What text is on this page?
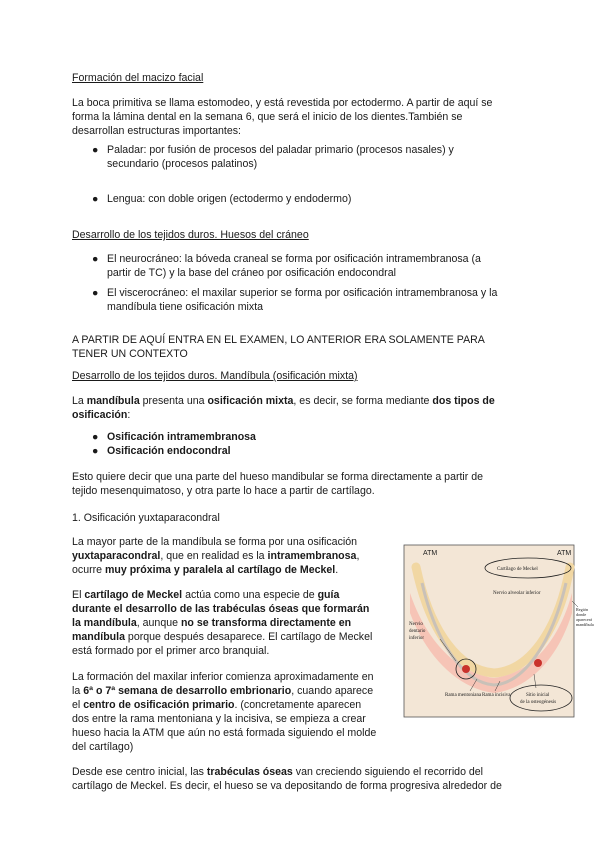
Formación del macizo facial

La boca primitiva se llama estomodeo, y está revestida por ectodermo. A partir de aquí se

forma la lámina dental en la semana 6, que será el inicio de los dientes.También se

desarrollan estructuras importantes:

● Paladar: por fusión de procesos del paladar primario (procesos nasales) y

secundario (procesos palatinos)

● Lengua: con doble origen (ectodermo y endodermo)

Desarrollo de los tejidos duros. Huesos del cráneo

● El neurocráneo: la bóveda craneal se forma por osificación intramembranosa (a

partir de TC) y la base del cráneo por osificación endocondral

● El viscerocráneo: el maxilar superior se forma por osificación intramembranosa y la

mandíbula tiene osificación mixta

A PARTIR DE AQUÍ ENTRA EN EL EXAMEN, LO ANTERIOR ERA SOLAMENTE PARA

TENER UN CONTEXTO

Desarrollo de los tejidos duros. Mandíbula (osificación mixta)

La mandíbula presenta una osificación mixta, es decir, se forma mediante dos tipos de

osificación:

● Osificación intramembranosa

● Osificación endocondral

Esto quiere decir que una parte del hueso mandibular se forma directamente a partir de

tejido mesenquimatoso, y otra parte lo hace a partir de cartílago.

1. Osificación yuxtaparacondral

La mayor parte de la mandíbula se forma por una osificación

yuxtaparacondral, que en realidad es la intramembranosa,

ocurre muy próxima y paralela al cartílago de Meckel.

El cartílago de Meckel actúa como una especie de guía

durante el desarrollo de las trabéculas óseas que formarán

la mandíbula, aunque no se transforma directamente en

mandíbula porque después desaparece. El cartílago de Meckel

está formado por el primer arco branquial.

La formación del maxilar inferior comienza aproximadamente en

la 6ª o 7ª semana de desarrollo embrionario, cuando aparece

el centro de osificación primario. (concretamente aparecen

dos entre la rama mentoniana y la incisiva, se empieza a crear

hueso hacia la ATM que aún no está formada siguiendo el molde

del cartílago)

Desde ese centro inicial, las trabéculas óseas van creciendo siguiendo el recorrido del

cartílago de Meckel. Es decir, el hueso se va depositando de forma progresiva alrededor de

ATM	ATM
Cartílago de Meckel
Nervio alveolar inferior
Nervio
dentario
inferior
Rama mentoniana Rama incisiva	Sitio inicial
de la osteogénesis
Región
donde
aparecerá
mandíbula
